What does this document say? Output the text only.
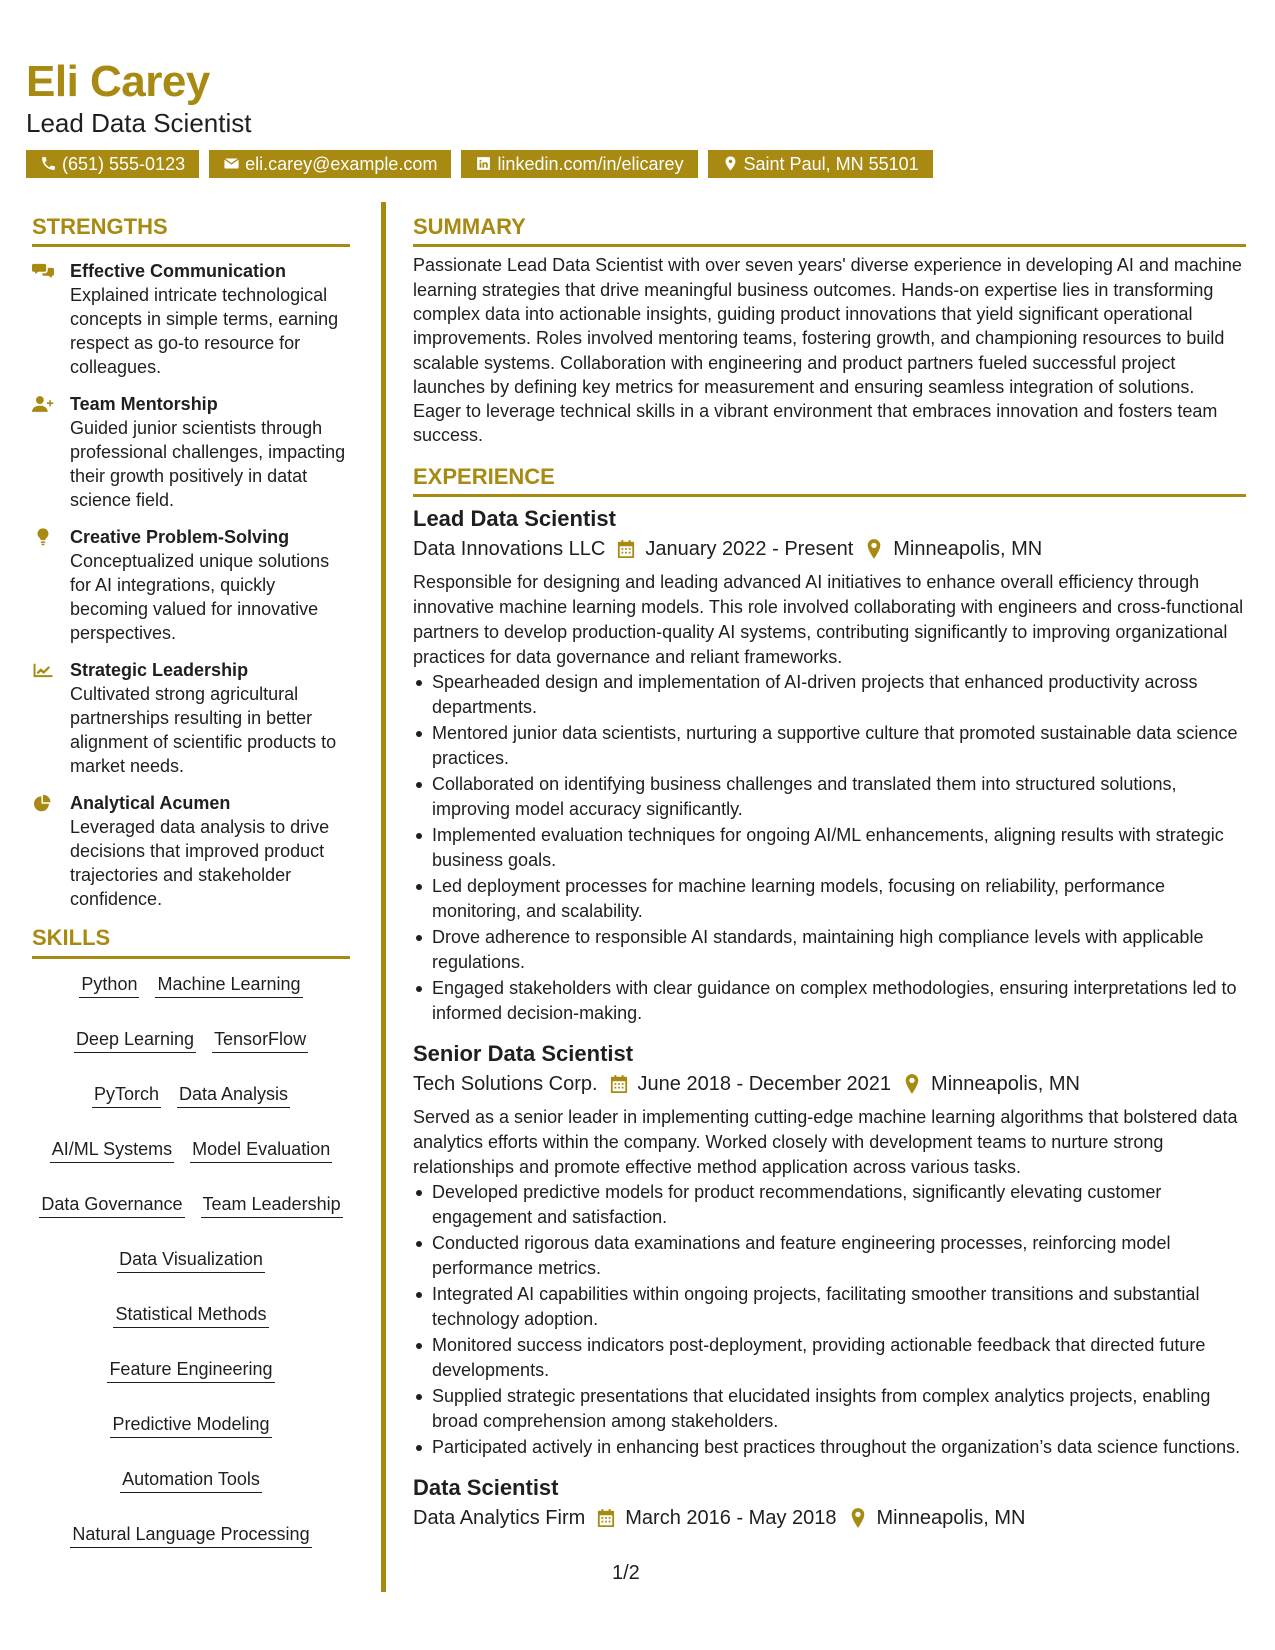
Eli Carey
Lead Data Scientist
(651) 555-0123	eli.carey@example.com	linkedin.com/in/elicarey	Saint Paul, MN 55101
STRENGTHS
Effective Communication
Explained intricate technological concepts in simple terms, earning respect as go-to resource for colleagues.
Team Mentorship
Guided junior scientists through professional challenges, impacting their growth positively in datat science field.
Creative Problem-Solving
Conceptualized unique solutions for AI integrations, quickly becoming valued for innovative perspectives.
Strategic Leadership
Cultivated strong agricultural partnerships resulting in better alignment of scientific products to market needs.
Analytical Acumen
Leveraged data analysis to drive decisions that improved product trajectories and stakeholder confidence.
SKILLS
Python Machine Learning
Deep Learning TensorFlow
PyTorch Data Analysis
AI/ML Systems Model Evaluation
Data Governance Team Leadership
Data Visualization
Statistical Methods
Feature Engineering
Predictive Modeling
Automation Tools
Natural Language Processing
SUMMARY
Passionate Lead Data Scientist with over seven years' diverse experience in developing AI and machine learning strategies that drive meaningful business outcomes. Hands-on expertise lies in transforming complex data into actionable insights, guiding product innovations that yield significant operational improvements. Roles involved mentoring teams, fostering growth, and championing resources to build scalable systems. Collaboration with engineering and product partners fueled successful project launches by defining key metrics for measurement and ensuring seamless integration of solutions. Eager to leverage technical skills in a vibrant environment that embraces innovation and fosters team success.
EXPERIENCE
Lead Data Scientist
Data Innovations LLC January 2022 - Present Minneapolis, MN
Responsible for designing and leading advanced AI initiatives to enhance overall efficiency through innovative machine learning models. This role involved collaborating with engineers and cross-functional partners to develop production-quality AI systems, contributing significantly to improving organizational practices for data governance and reliant frameworks.
Spearheaded design and implementation of AI-driven projects that enhanced productivity across departments.
Mentored junior data scientists, nurturing a supportive culture that promoted sustainable data science practices.
Collaborated on identifying business challenges and translated them into structured solutions, improving model accuracy significantly.
Implemented evaluation techniques for ongoing AI/ML enhancements, aligning results with strategic business goals.
Led deployment processes for machine learning models, focusing on reliability, performance monitoring, and scalability.
Drove adherence to responsible AI standards, maintaining high compliance levels with applicable regulations.
Engaged stakeholders with clear guidance on complex methodologies, ensuring interpretations led to informed decision-making.
Senior Data Scientist
Tech Solutions Corp. June 2018 - December 2021 Minneapolis, MN
Served as a senior leader in implementing cutting-edge machine learning algorithms that bolstered data analytics efforts within the company. Worked closely with development teams to nurture strong relationships and promote effective method application across various tasks.
Developed predictive models for product recommendations, significantly elevating customer engagement and satisfaction.
Conducted rigorous data examinations and feature engineering processes, reinforcing model performance metrics.
Integrated AI capabilities within ongoing projects, facilitating smoother transitions and substantial technology adoption.
Monitored success indicators post-deployment, providing actionable feedback that directed future developments.
Supplied strategic presentations that elucidated insights from complex analytics projects, enabling broad comprehension among stakeholders.
Participated actively in enhancing best practices throughout the organization’s data science functions.
Data Scientist
Data Analytics Firm March 2016 - May 2018 Minneapolis, MN
1/2
